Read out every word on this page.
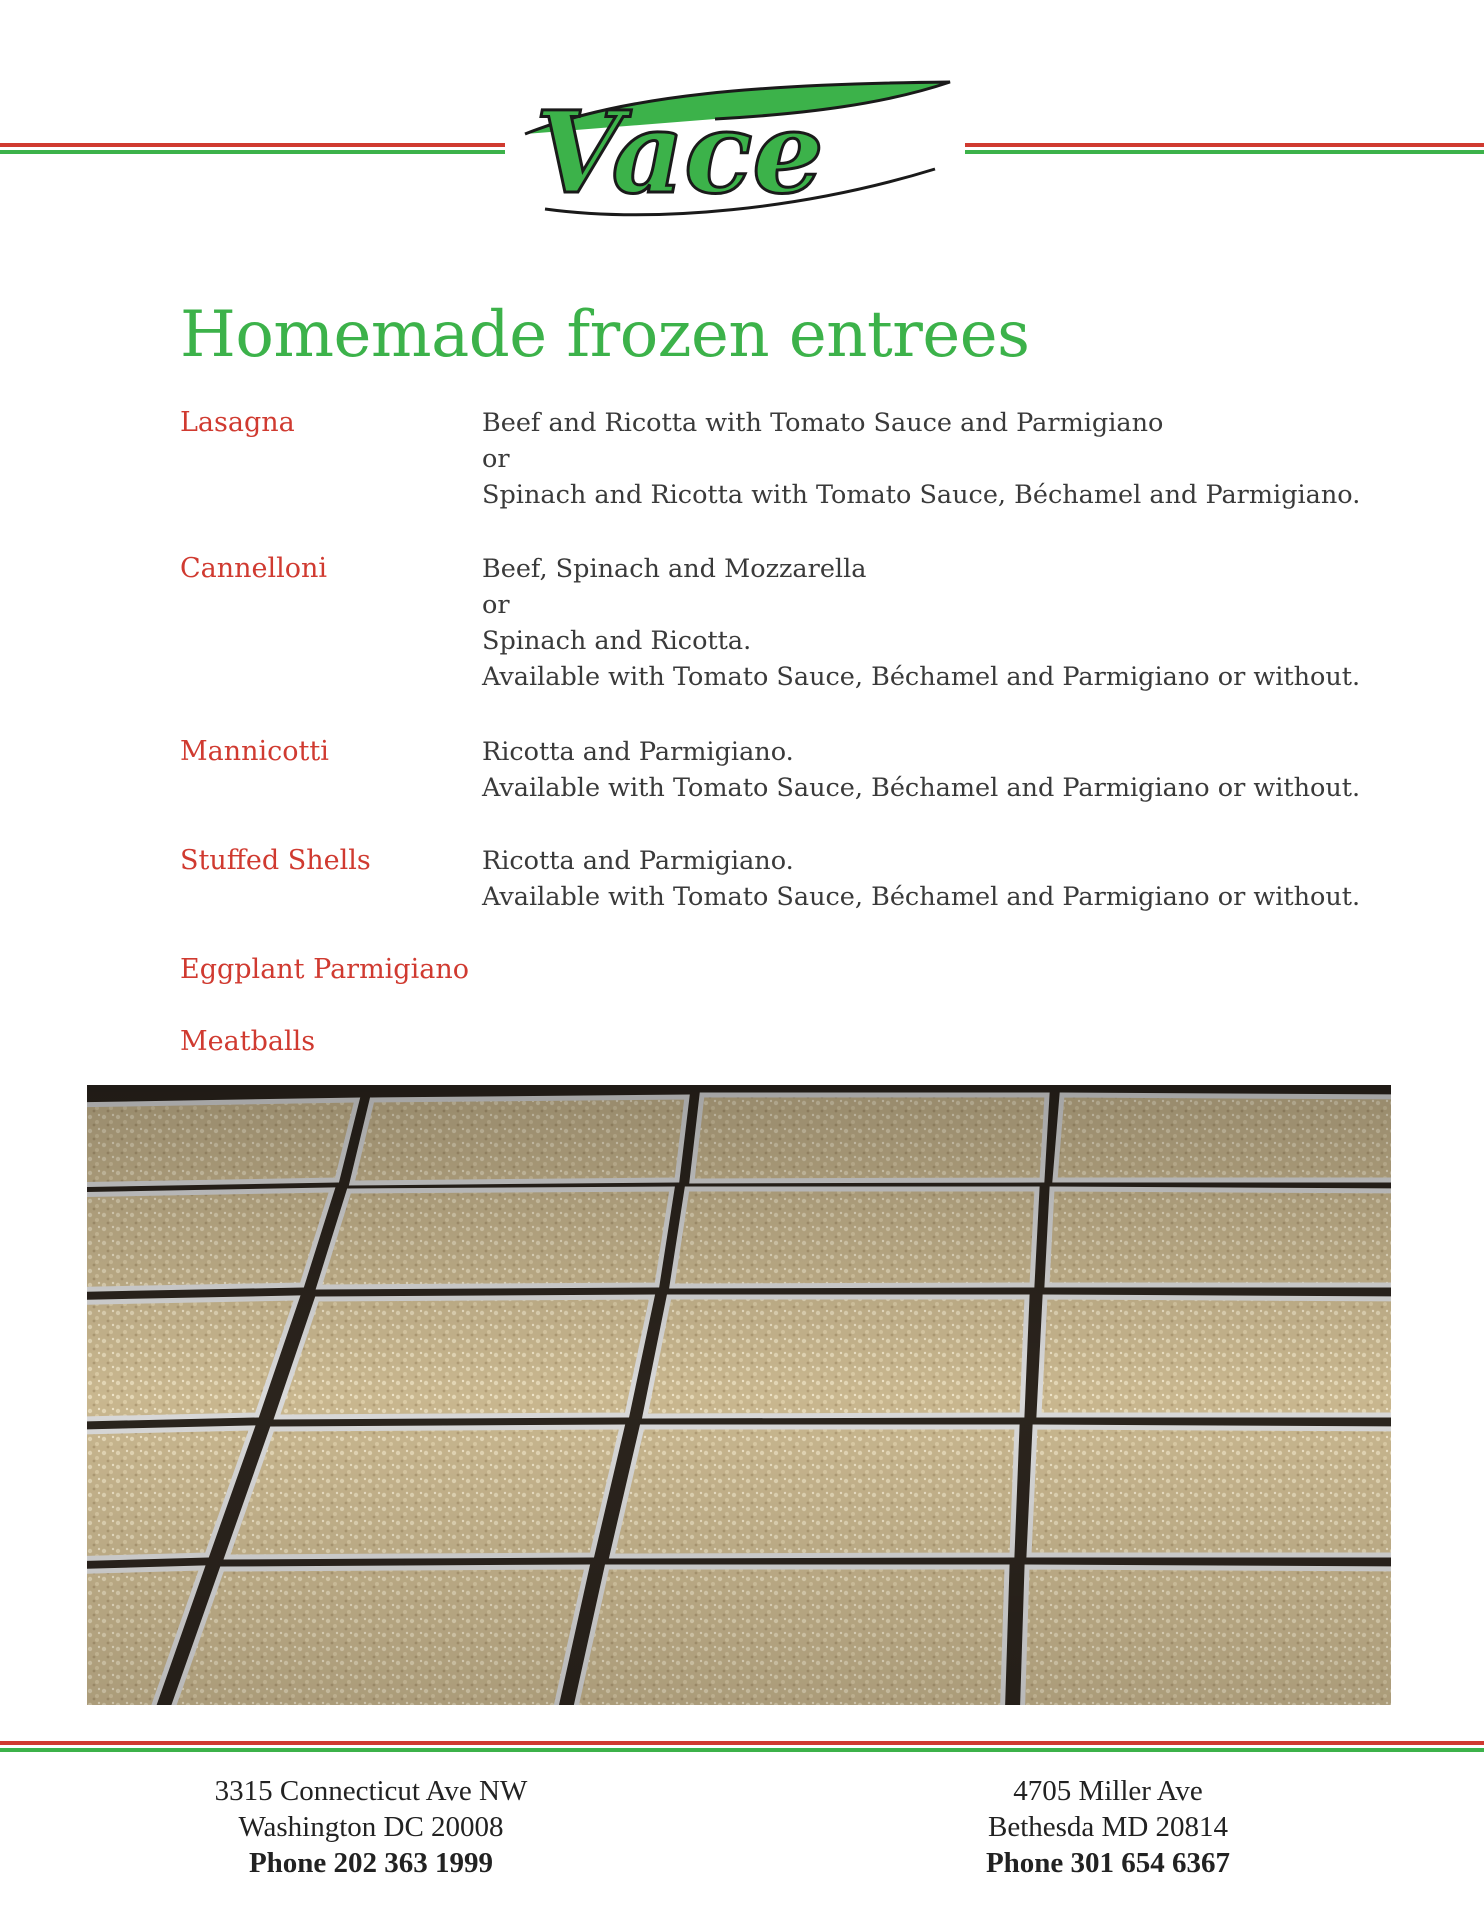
Vace
Homemade frozen entrees
Lasagna	Beef and Ricotta with Tomato Sauce and Parmigiano
or
Spinach and Ricotta with Tomato Sauce, Béchamel and Parmigiano.
Cannelloni	Beef, Spinach and Mozzarella
or
Spinach and Ricotta.
Available with Tomato Sauce, Béchamel and Parmigiano or without.
Mannicotti	Ricotta and Parmigiano.
Available with Tomato Sauce, Béchamel and Parmigiano or without.
Stuffed Shells	Ricotta and Parmigiano.
Available with Tomato Sauce, Béchamel and Parmigiano or without.
Eggplant Parmigiano
Meatballs
3315 Connecticut Ave NW
Washington DC 20008
Phone 202 363 1999
4705 Miller Ave
Bethesda MD 20814
Phone 301 654 6367
